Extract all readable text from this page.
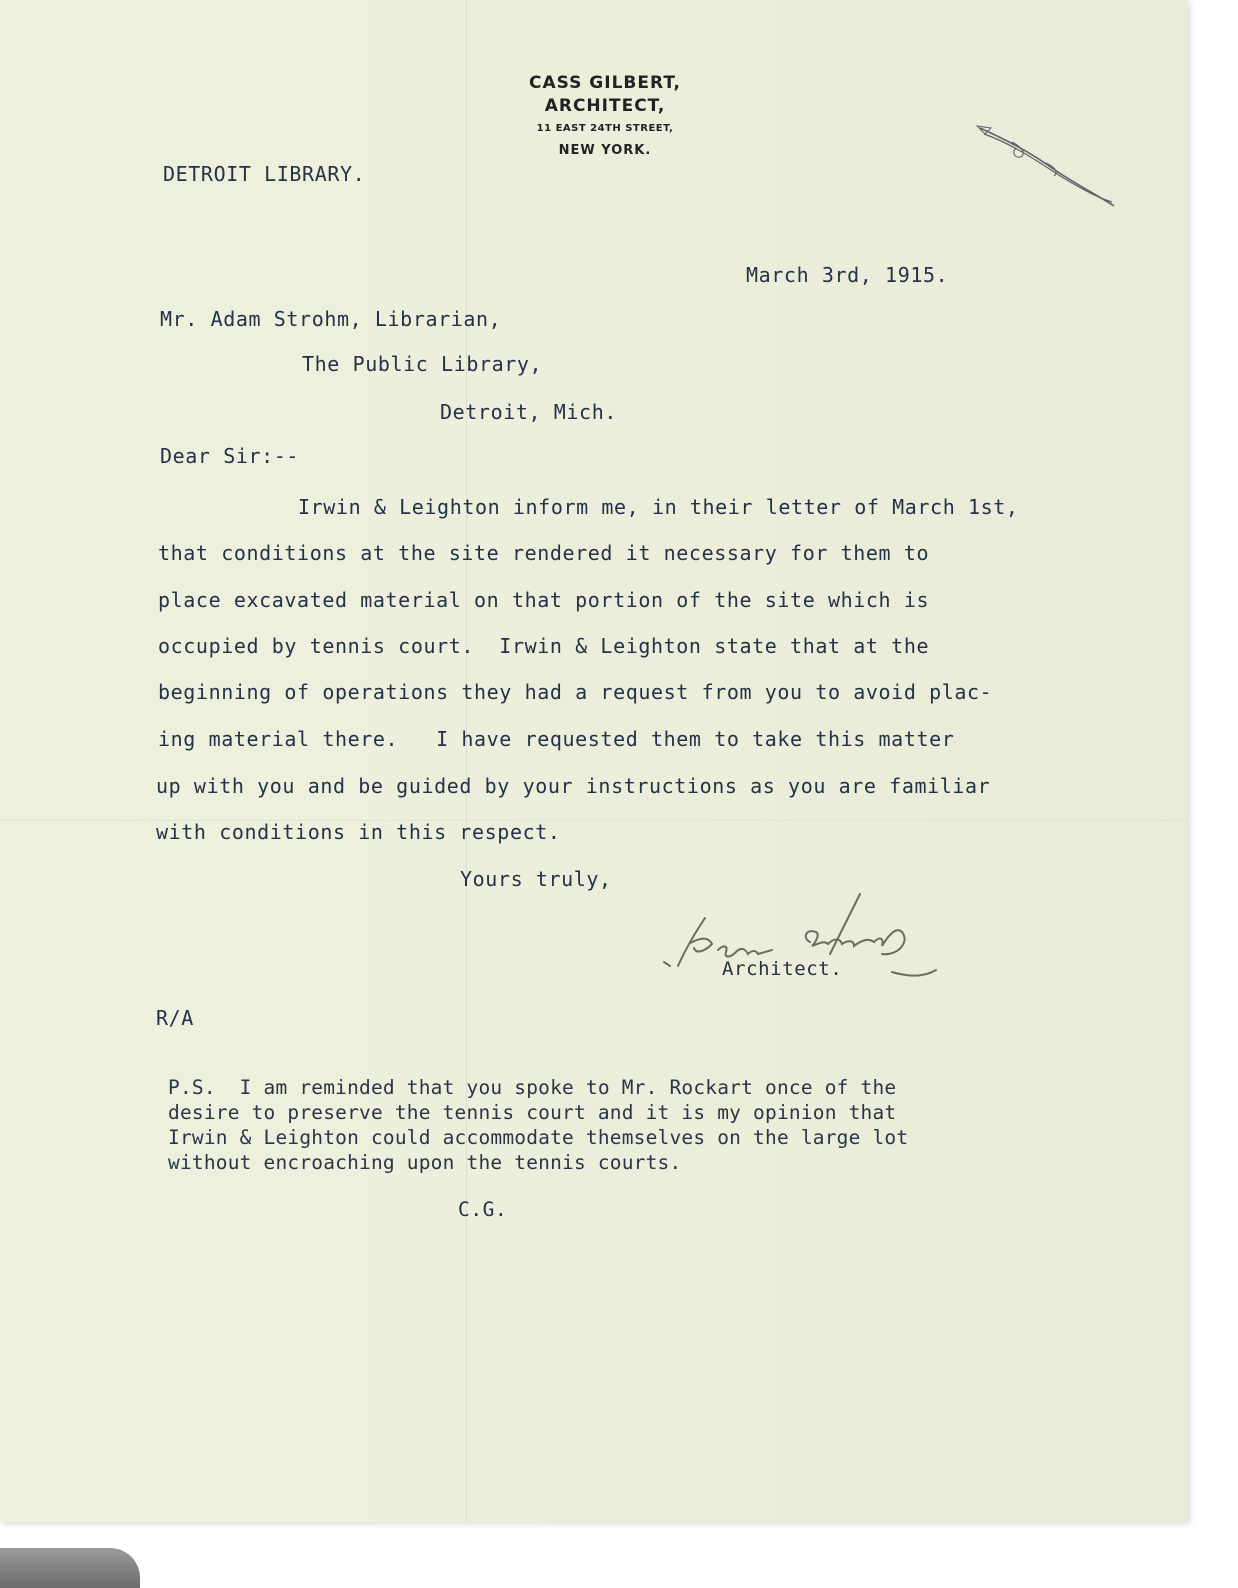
CASS GILBERT,
ARCHITECT,
11 EAST 24TH STREET,
NEW YORK.
DETROIT LIBRARY.
March 3rd, 1915.
Mr. Adam Strohm, Librarian,
The Public Library,
Detroit, Mich.
Dear Sir:--
Irwin & Leighton inform me, in their letter of March 1st,
that conditions at the site rendered it necessary for them to
place excavated material on that portion of the site which is
occupied by tennis court.  Irwin & Leighton state that at the
beginning of operations they had a request from you to avoid plac-
ing material there.   I have requested them to take this matter
up with you and be guided by your instructions as you are familiar
with conditions in this respect.
Yours truly,
Architect.
R/A
P.S.  I am reminded that you spoke to Mr. Rockart once of the
desire to preserve the tennis court and it is my opinion that
Irwin & Leighton could accommodate themselves on the large lot
without encroaching upon the tennis courts.
C.G.
